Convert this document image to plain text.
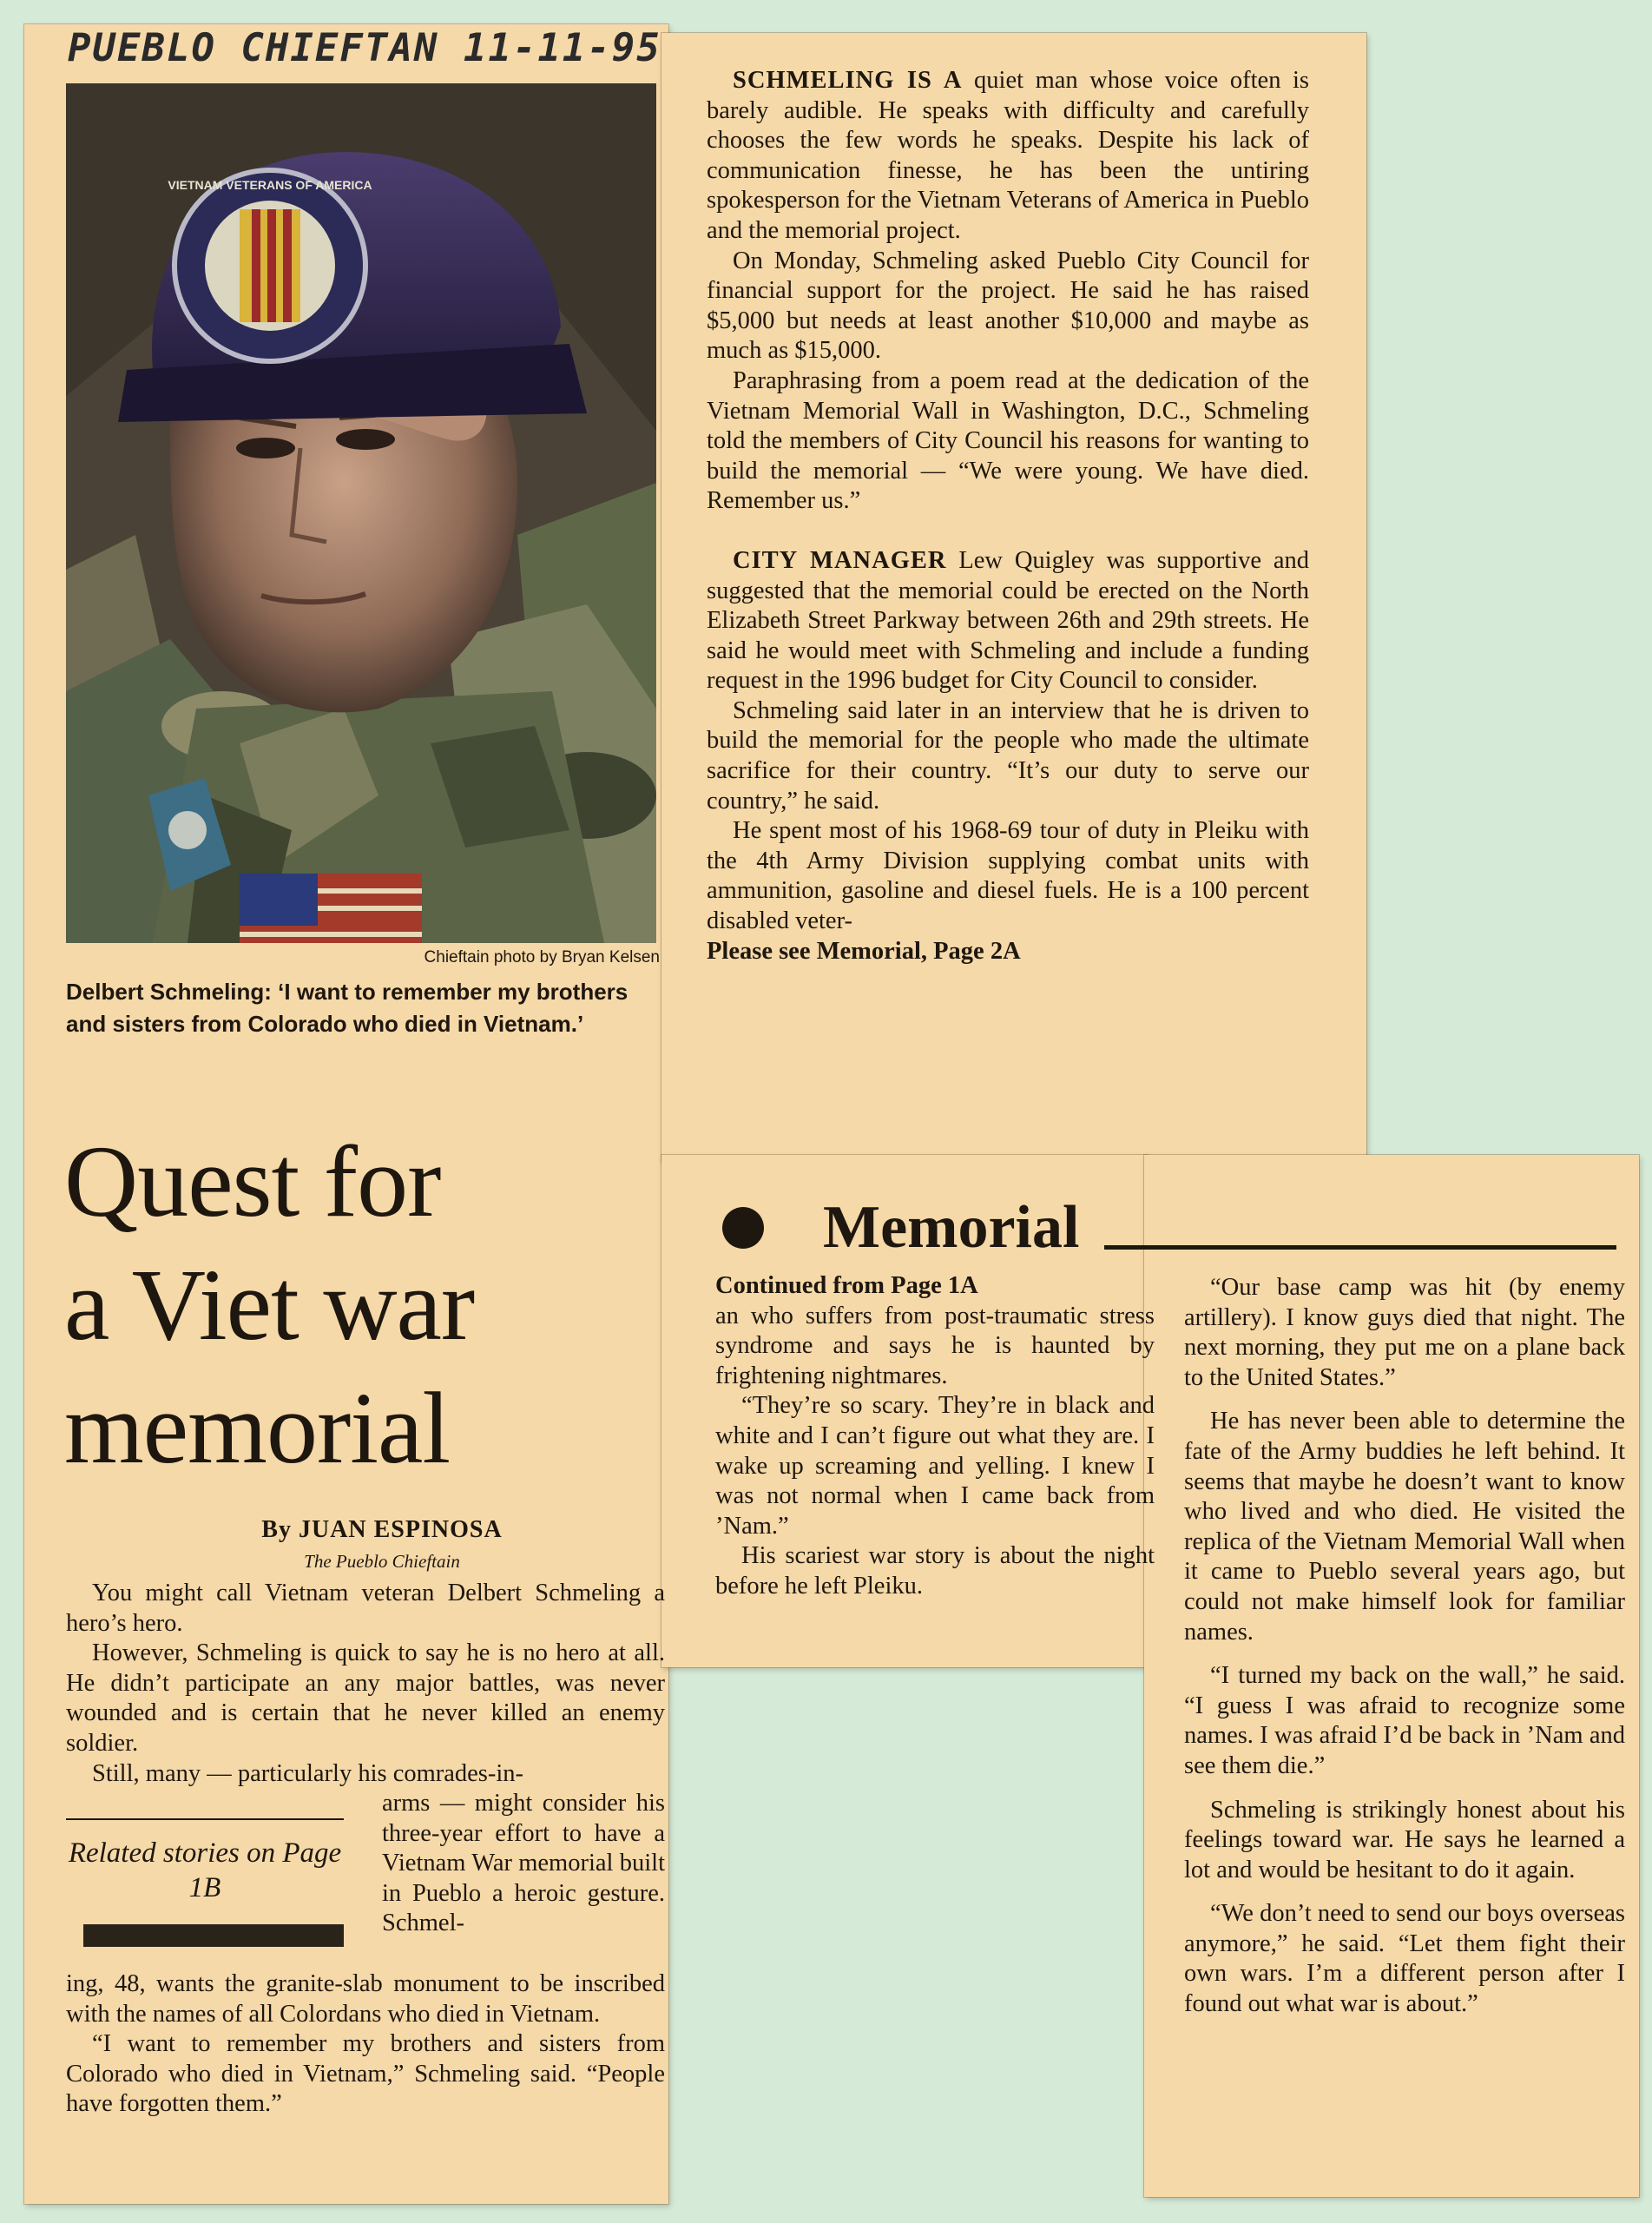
PUEBLO CHIEFTAN 11-11-95
VIETNAM VETERANS OF AMERICA
Chieftain photo by Bryan Kelsen
Delbert Schmeling: ‘I want to remember my brothers and sisters from Colorado who died in Vietnam.’
Quest for
a Viet war
memorial
By JUAN ESPINOSA
The Pueblo Chieftain

You might call Vietnam veteran Delbert Schmeling a hero’s hero.

However, Schmeling is quick to say he is no hero at all. He didn’t participate an any major battles, was never wounded and is certain that he never killed an enemy soldier.

Still, many — particularly his comrades-in-

Related stories on Page 1B

arms — might consider his three-year effort to have a Vietnam War memorial built in Pueblo a heroic gesture. Schmel-

ing, 48, wants the granite-slab monument to be inscribed with the names of all Colordans who died in Vietnam.

“I want to remember my brothers and sisters from Colorado who died in Vietnam,” Schmeling said. “People have forgotten them.”

SCHMELING IS A quiet man whose voice often is barely audible. He speaks with difficulty and carefully chooses the few words he speaks. Despite his lack of communication finesse, he has been the untiring spokesperson for the Vietnam Veterans of America in Pueblo and the memorial project.

On Monday, Schmeling asked Pueblo City Council for financial support for the project. He said he has raised $5,000 but needs at least another $10,000 and maybe as much as $15,000.

Paraphrasing from a poem read at the dedication of the Vietnam Memorial Wall in Washington, D.C., Schmeling told the members of City Council his reasons for wanting to build the memorial — “We were young. We have died. Remember us.”

CITY MANAGER Lew Quigley was supportive and suggested that the memorial could be erected on the North Elizabeth Street Parkway between 26th and 29th streets. He said he would meet with Schmeling and include a funding request in the 1996 budget for City Council to consider.

Schmeling said later in an interview that he is driven to build the memorial for the people who made the ultimate sacrifice for their country. “It’s our duty to serve our country,” he said.

He spent most of his 1968-69 tour of duty in Pleiku with the 4th Army Division supplying combat units with ammunition, gasoline and diesel fuels. He is a 100 percent disabled veter-

Please see Memorial, Page 2A

Memorial

Continued from Page 1A

an who suffers from post-traumatic stress syndrome and says he is haunted by frightening nightmares.

“They’re so scary. They’re in black and white and I can’t figure out what they are. I wake up screaming and yelling. I knew I was not normal when I came back from ’Nam.”

His scariest war story is about the night before he left Pleiku.

“Our base camp was hit (by enemy artillery). I know guys died that night. The next morning, they put me on a plane back to the United States.”

He has never been able to determine the fate of the Army buddies he left behind. It seems that maybe he doesn’t want to know who lived and who died. He visited the replica of the Vietnam Memorial Wall when it came to Pueblo several years ago, but could not make himself look for familiar names.

“I turned my back on the wall,” he said. “I guess I was afraid to recognize some names. I was afraid I’d be back in ’Nam and see them die.”

Schmeling is strikingly honest about his feelings toward war. He says he learned a lot and would be hesitant to do it again.

“We don’t need to send our boys overseas anymore,” he said. “Let them fight their own wars. I’m a different person after I found out what war is about.”
